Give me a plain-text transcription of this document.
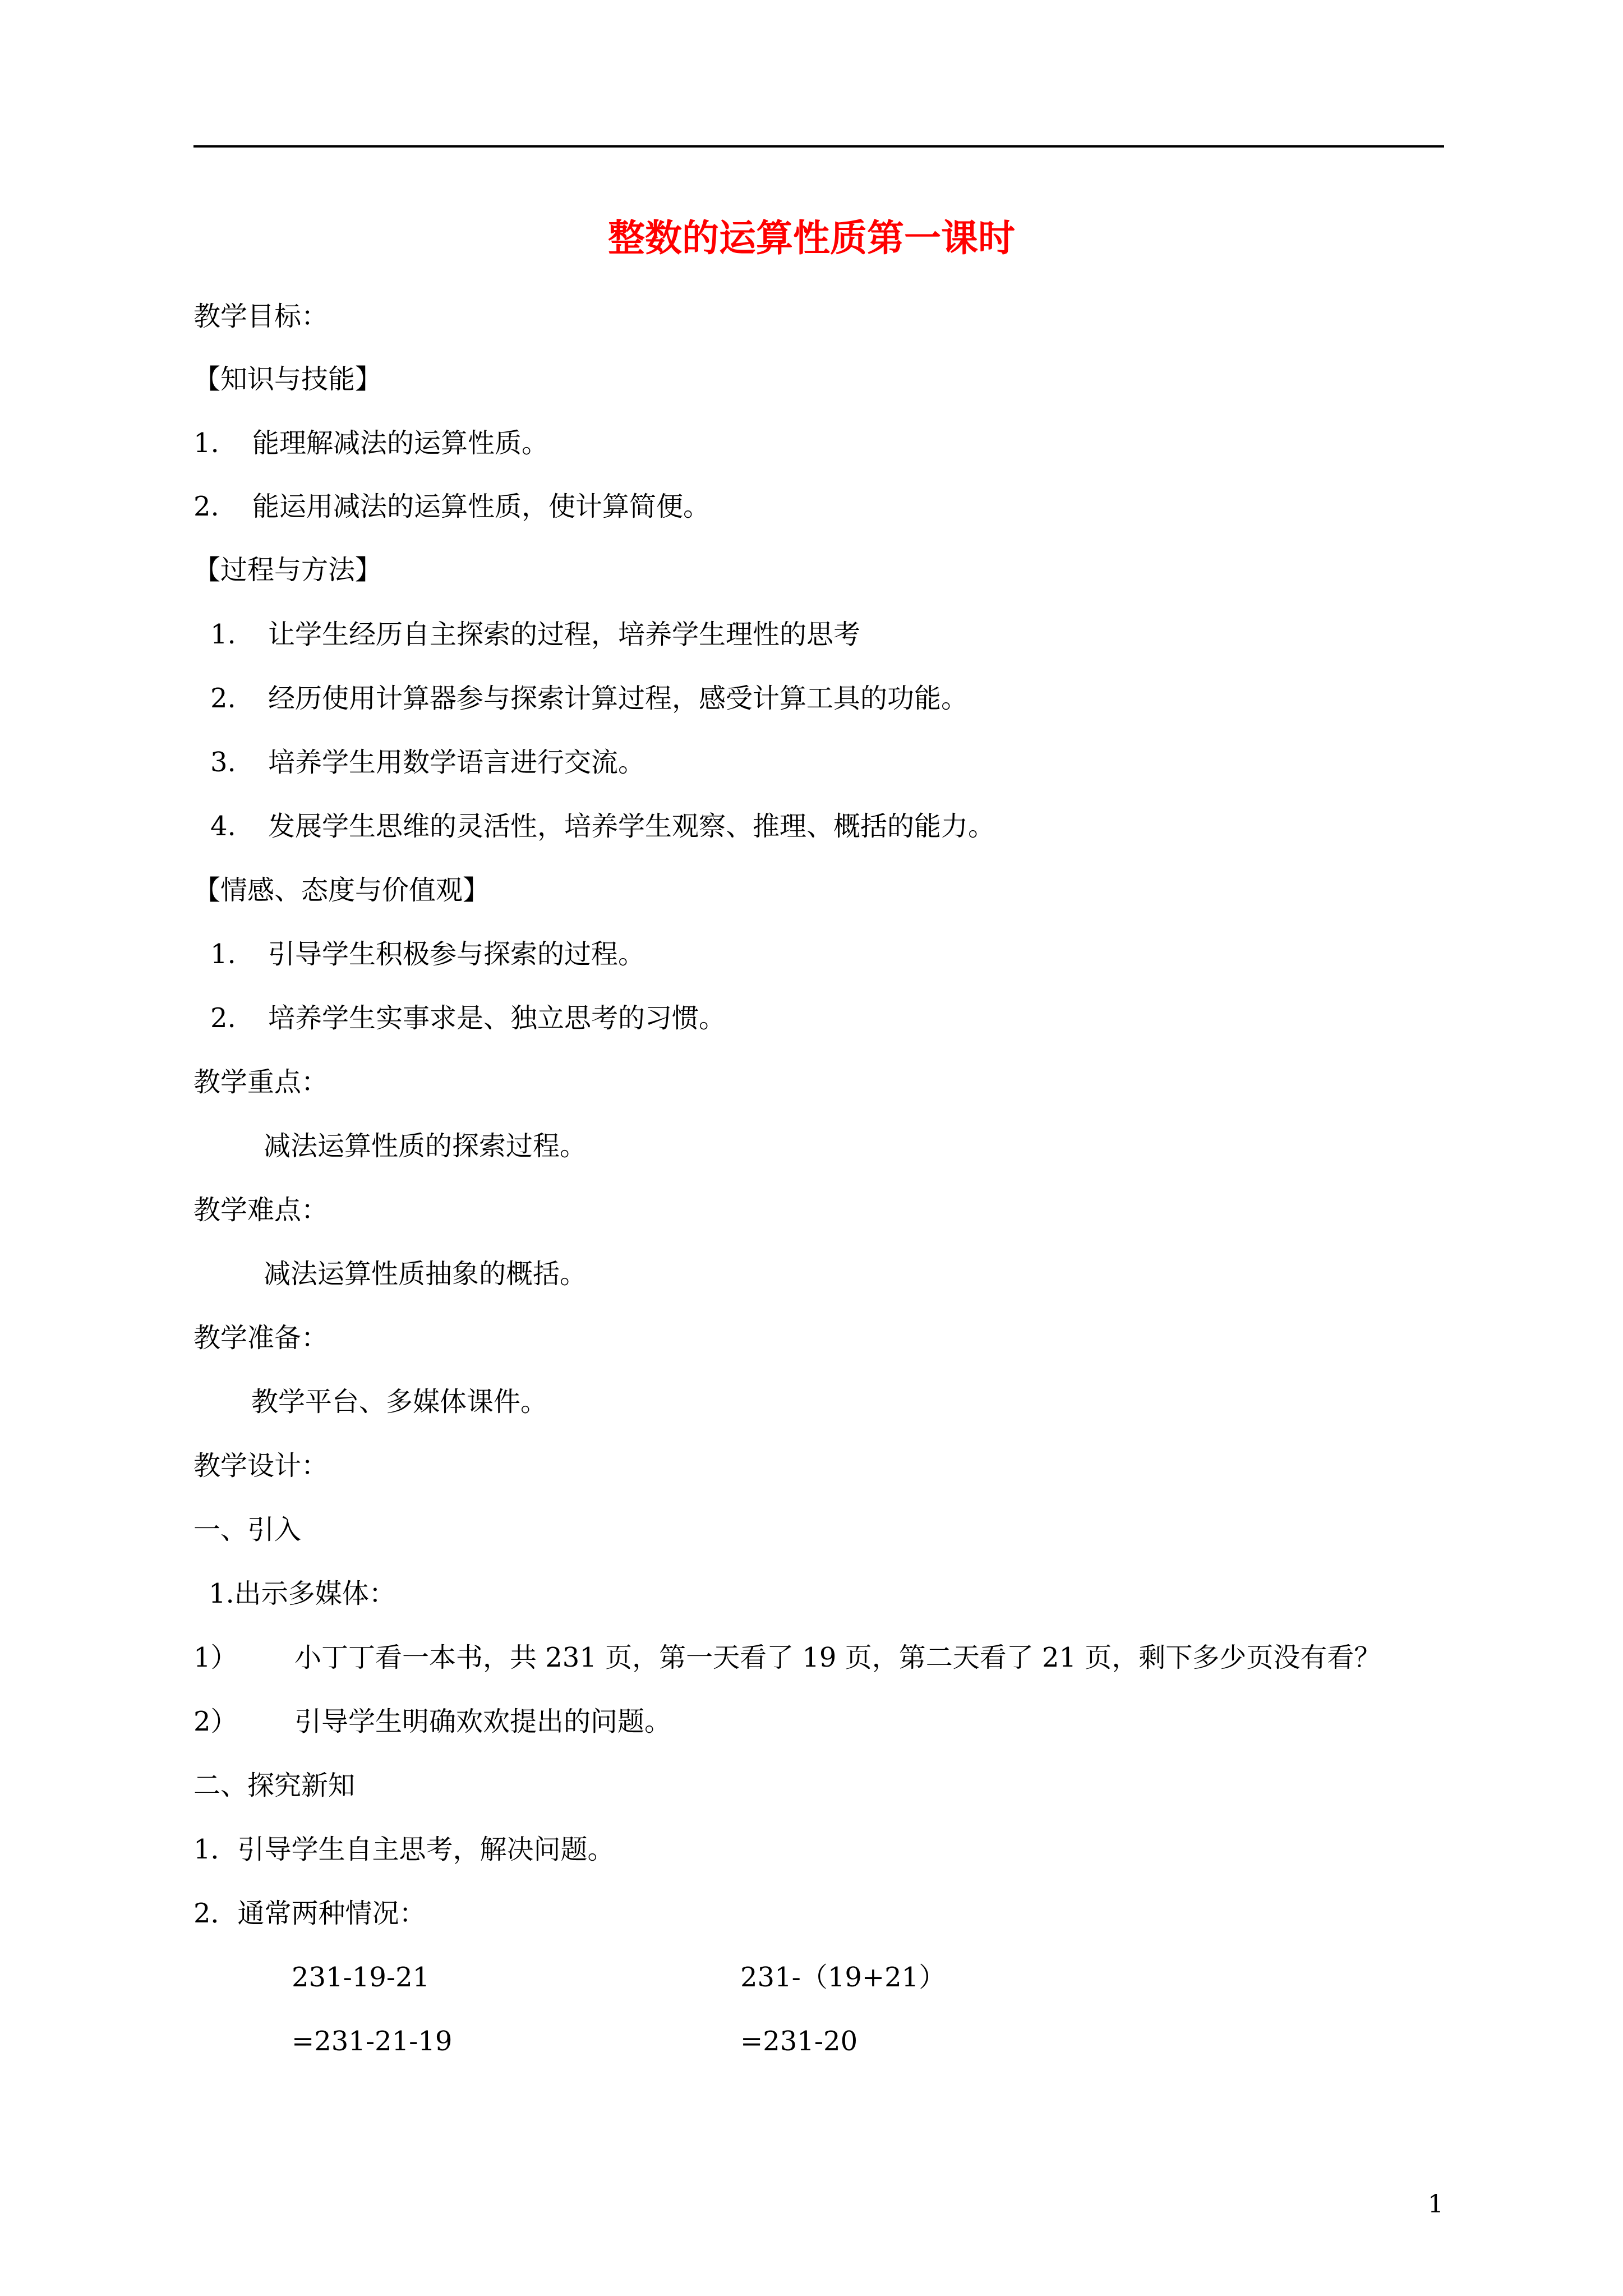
整数的运算性质第一课时
教学目标：
【知识与技能】
1. 能理解减法的运算性质。
2. 能运用减法的运算性质，使计算简便。
【过程与方法】
1. 让学生经历自主探索的过程，培养学生理性的思考
2. 经历使用计算器参与探索计算过程，感受计算工具的功能。
3. 培养学生用数学语言进行交流。
4. 发展学生思维的灵活性，培养学生观察、推理、概括的能力。
【情感、态度与价值观】
1. 引导学生积极参与探索的过程。
2. 培养学生实事求是、独立思考的习惯。
教学重点：
减法运算性质的探索过程。
教学难点：
减法运算性质抽象的概括。
教学准备：
教学平台、多媒体课件。
教学设计：
一、引入
1.出示多媒体：
1） 小丁丁看一本书，共 231 页，第一天看了 19 页，第二天看了 21 页，剩下多少页没有看？
2） 引导学生明确欢欢提出的问题。
二、探究新知
1．引导学生自主思考，解决问题。
2．通常两种情况：
231-19-21	231-（19+21）
=231-21-19	=231-20
1
